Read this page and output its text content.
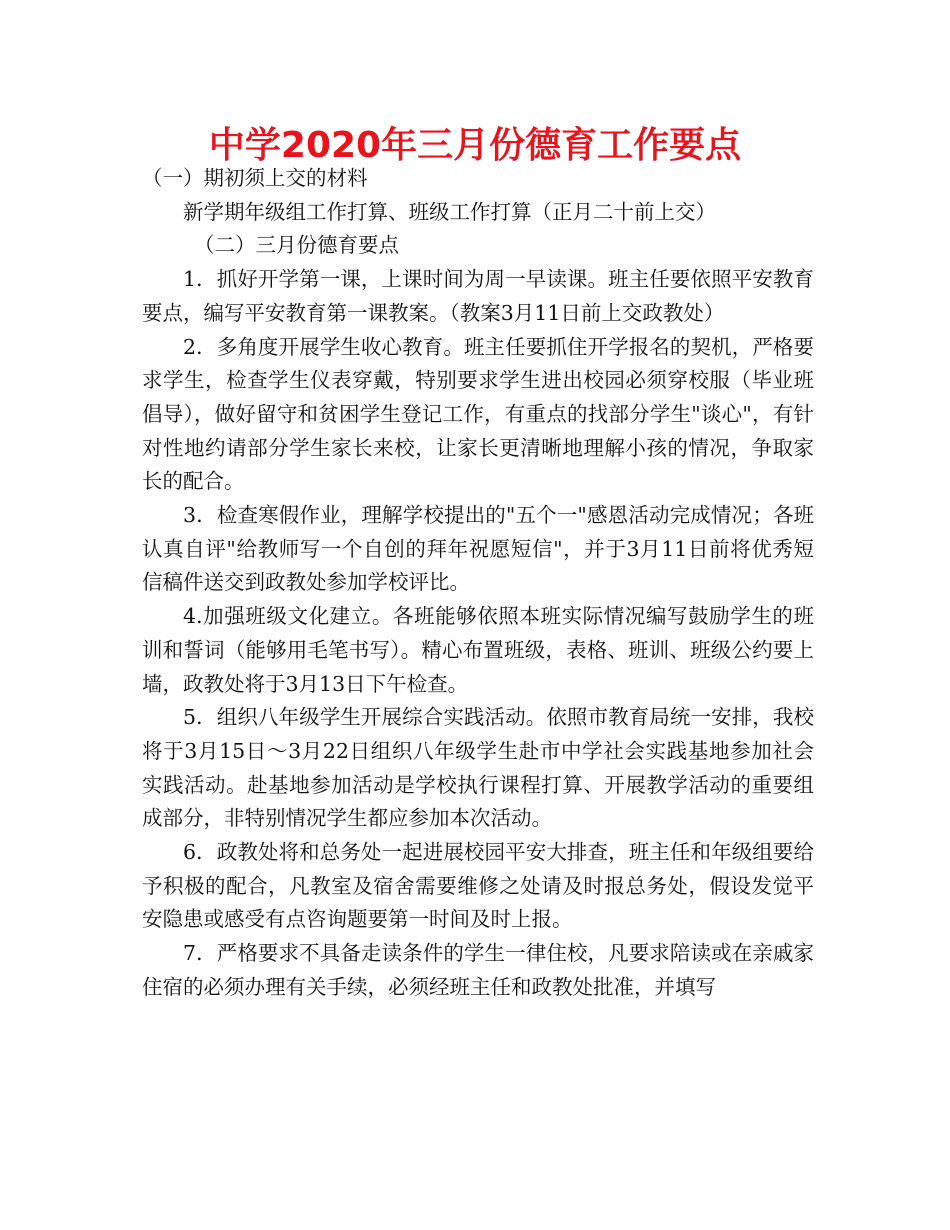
中学2020年三月份德育工作要点

（一）期初须上交的材料

新学期年级组工作打算、班级工作打算（正月二十前上交）

（二）三月份德育要点

1．抓好开学第一课，上课时间为周一早读课。班主任要依照平安教育要点，编写平安教育第一课教案。（教案3月11日前上交政教处）

2．多角度开展学生收心教育。班主任要抓住开学报名的契机，严格要求学生，检查学生仪表穿戴，特别要求学生进出校园必须穿校服（毕业班倡导），做好留守和贫困学生登记工作，有重点的找部分学生"谈心"，有针对性地约请部分学生家长来校，让家长更清晰地理解小孩的情况，争取家长的配合。

3．检查寒假作业，理解学校提出的"五个一"感恩活动完成情况；各班认真自评"给教师写一个自创的拜年祝愿短信"，并于3月11日前将优秀短信稿件送交到政教处参加学校评比。

4.加强班级文化建立。各班能够依照本班实际情况编写鼓励学生的班训和誓词（能够用毛笔书写）。精心布置班级，表格、班训、班级公约要上墙，政教处将于3月13日下午检查。

5．组织八年级学生开展综合实践活动。依照市教育局统一安排，我校将于3月15日～3月22日组织八年级学生赴市中学社会实践基地参加社会实践活动。赴基地参加活动是学校执行课程打算、开展教学活动的重要组成部分，非特别情况学生都应参加本次活动。

6．政教处将和总务处一起进展校园平安大排查，班主任和年级组要给予积极的配合，凡教室及宿舍需要维修之处请及时报总务处，假设发觉平安隐患或感受有点咨询题要第一时间及时上报。

7．严格要求不具备走读条件的学生一律住校，凡要求陪读或在亲戚家住宿的必须办理有关手续，必须经班主任和政教处批准，并填写
